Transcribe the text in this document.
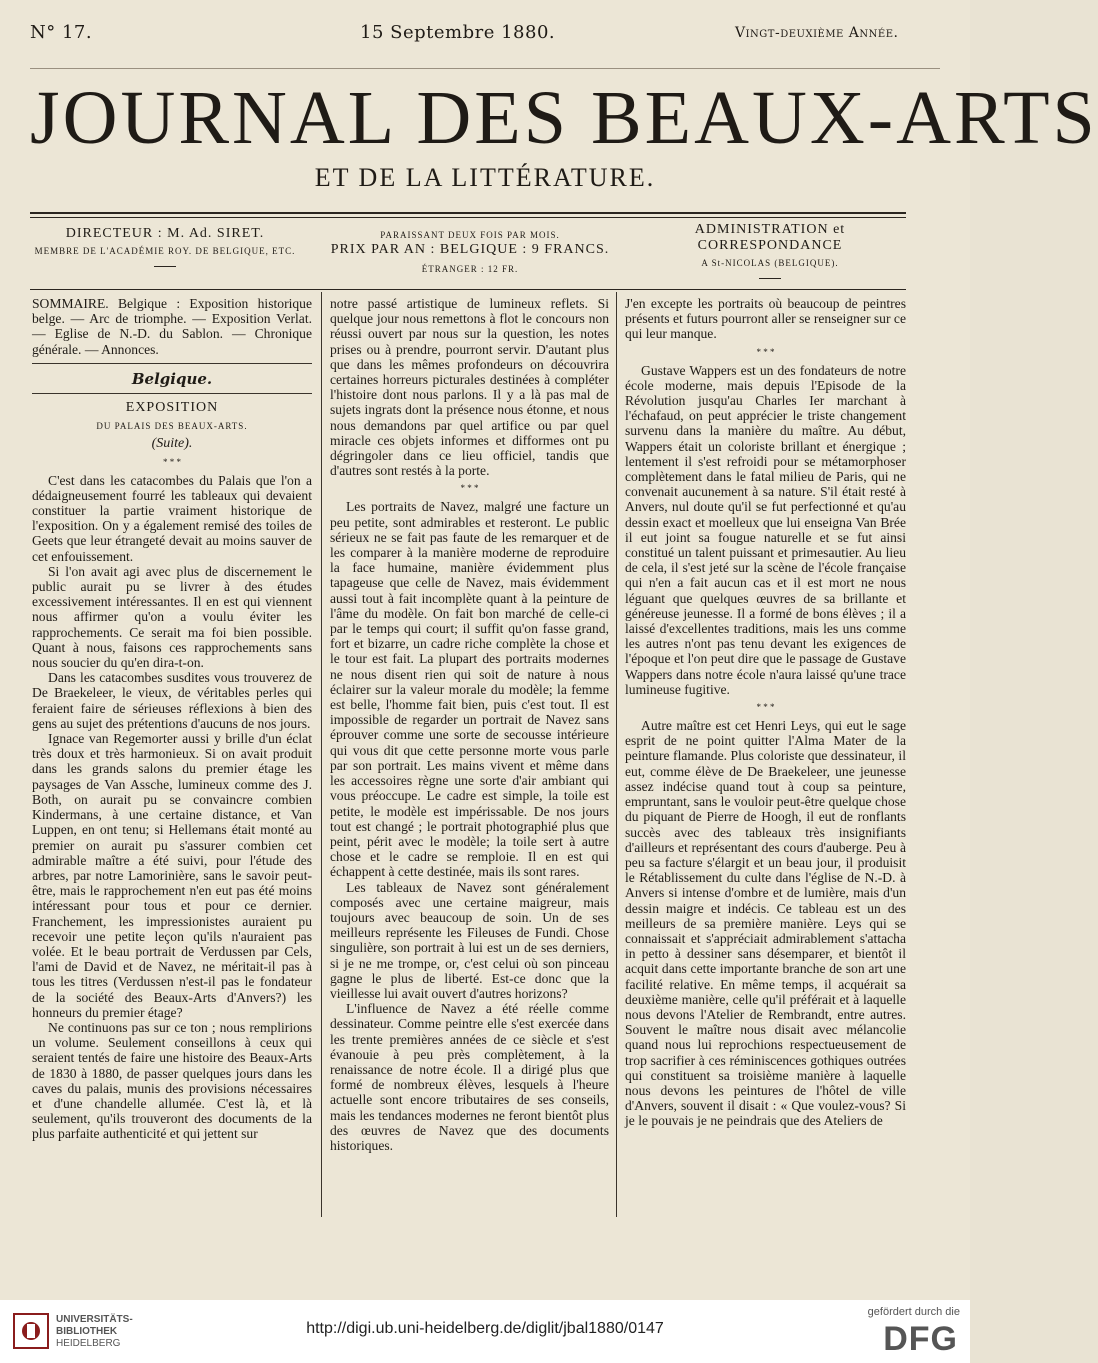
N° 17.	15 Septembre 1880.	Vingt-deuxième Année.
JOURNAL DES BEAUX-ARTS
ET DE LA LITTÉRATURE.
DIRECTEUR : M. Ad. SIRET.
MEMBRE DE L'ACADÉMIE ROY. DE BELGIQUE, ETC.
PARAISSANT DEUX FOIS PAR MOIS.
PRIX PAR AN : BELGIQUE : 9 FRANCS.
ÉTRANGER : 12 FR.
ADMINISTRATION et CORRESPONDANCE
A St-NICOLAS (BELGIQUE).

SOMMAIRE. Belgique : Exposition historique belge. — Arc de triomphe. — Exposition Verlat. — Eglise de N.-D. du Sablon. — Chronique générale. — Annonces.

Belgique.
EXPOSITION
DU PALAIS DES BEAUX-ARTS.
(Suite).
* * *

C'est dans les catacombes du Palais que l'on a dédaigneusement fourré les tableaux qui devaient constituer la partie vraiment historique de l'exposition. On y a également remisé des toiles de Geets que leur étrangeté devait au moins sauver de cet enfouissement.

Si l'on avait agi avec plus de discernement le public aurait pu se livrer à des études excessivement intéressantes. Il en est qui viennent nous affirmer qu'on a voulu éviter les rapprochements. Ce serait ma foi bien possible. Quant à nous, faisons ces rapprochements sans nous soucier du qu'en dira-t-on.

Dans les catacombes susdites vous trouverez de De Braekeleer, le vieux, de véritables perles qui feraient faire de sérieuses réflexions à bien des gens au sujet des prétentions d'aucuns de nos jours.

Ignace van Regemorter aussi y brille d'un éclat très doux et très harmonieux. Si on avait produit dans les grands salons du premier étage les paysages de Van Assche, lumineux comme des J. Both, on aurait pu se convaincre combien Kindermans, à une certaine distance, et Van Luppen, en ont tenu; si Hellemans était monté au premier on aurait pu s'assurer combien cet admirable maître a été suivi, pour l'étude des arbres, par notre Lamorinière, sans le savoir peut-être, mais le rapprochement n'en eut pas été moins intéressant pour tous et pour ce dernier. Franchement, les impressionistes auraient pu recevoir une petite leçon qu'ils n'auraient pas volée. Et le beau portrait de Verdussen par Cels, l'ami de David et de Navez, ne méritait-il pas à tous les titres (Verdussen n'est-il pas le fondateur de la société des Beaux-Arts d'Anvers?) les honneurs du premier étage?

Ne continuons pas sur ce ton ; nous remplirions un volume. Seulement conseillons à ceux qui seraient tentés de faire une histoire des Beaux-Arts de 1830 à 1880, de passer quelques jours dans les caves du palais, munis des provisions nécessaires et d'une chandelle allumée. C'est là, et là seulement, qu'ils trouveront des documents de la plus parfaite authenticité et qui jettent sur

notre passé artistique de lumineux reflets. Si quelque jour nous remettons à flot le concours non réussi ouvert par nous sur la question, les notes prises ou à prendre, pourront servir. D'autant plus que dans les mêmes profondeurs on découvrira certaines horreurs picturales destinées à compléter l'histoire dont nous parlons. Il y a là pas mal de sujets ingrats dont la présence nous étonne, et nous nous demandons par quel artifice ou par quel miracle ces objets informes et difformes ont pu dégringoler dans ce lieu officiel, tandis que d'autres sont restés à la porte.

* * *

Les portraits de Navez, malgré une facture un peu petite, sont admirables et resteront. Le public sérieux ne se fait pas faute de les remarquer et de les comparer à la manière moderne de reproduire la face humaine, manière évidemment plus tapageuse que celle de Navez, mais évidemment aussi tout à fait incomplète quant à la peinture de l'âme du modèle. On fait bon marché de celle-ci par le temps qui court; il suffit qu'on fasse grand, fort et bizarre, un cadre riche complète la chose et le tour est fait. La plupart des portraits modernes ne nous disent rien qui soit de nature à nous éclairer sur la valeur morale du modèle; la femme est belle, l'homme fait bien, puis c'est tout. Il est impossible de regarder un portrait de Navez sans éprouver comme une sorte de secousse intérieure qui vous dit que cette personne morte vous parle par son portrait. Les mains vivent et même dans les accessoires règne une sorte d'air ambiant qui vous préoccupe. Le cadre est simple, la toile est petite, le modèle est impérissable. De nos jours tout est changé ; le portrait photographié plus que peint, périt avec le modèle; la toile sert à autre chose et le cadre se remploie. Il en est qui échappent à cette destinée, mais ils sont rares.

Les tableaux de Navez sont généralement composés avec une certaine maigreur, mais toujours avec beaucoup de soin. Un de ses meilleurs représente les Fileuses de Fundi. Chose singulière, son portrait à lui est un de ses derniers, si je ne me trompe, or, c'est celui où son pinceau gagne le plus de liberté. Est-ce donc que la vieillesse lui avait ouvert d'autres horizons?

L'influence de Navez a été réelle comme dessinateur. Comme peintre elle s'est exercée dans les trente premières années de ce siècle et s'est évanouie à peu près complètement, à la renaissance de notre école. Il a dirigé plus que formé de nombreux élèves, lesquels à l'heure actuelle sont encore tributaires de ses conseils, mais les tendances modernes ne feront bientôt plus des œuvres de Navez que des documents historiques.

J'en excepte les portraits où beaucoup de peintres présents et futurs pourront aller se renseigner sur ce qui leur manque.

* * *

Gustave Wappers est un des fondateurs de notre école moderne, mais depuis l'Episode de la Révolution jusqu'au Charles Ier marchant à l'échafaud, on peut apprécier le triste changement survenu dans la manière du maître. Au début, Wappers était un coloriste brillant et énergique ; lentement il s'est refroidi pour se métamorphoser complètement dans le fatal milieu de Paris, qui ne convenait aucunement à sa nature. S'il était resté à Anvers, nul doute qu'il se fut perfectionné et qu'au dessin exact et moelleux que lui enseigna Van Brée il eut joint sa fougue naturelle et se fut ainsi constitué un talent puissant et primesautier. Au lieu de cela, il s'est jeté sur la scène de l'école française qui n'en a fait aucun cas et il est mort ne nous léguant que quelques œuvres de sa brillante et généreuse jeunesse. Il a formé de bons élèves ; il a laissé d'excellentes traditions, mais les uns comme les autres n'ont pas tenu devant les exigences de l'époque et l'on peut dire que le passage de Gustave Wappers dans notre école n'aura laissé qu'une trace lumineuse fugitive.

* * *

Autre maître est cet Henri Leys, qui eut le sage esprit de ne point quitter l'Alma Mater de la peinture flamande. Plus coloriste que dessinateur, il eut, comme élève de De Braekeleer, une jeunesse assez indécise quand tout à coup sa peinture, empruntant, sans le vouloir peut-être quelque chose du piquant de Pierre de Hoogh, il eut de ronflants succès avec des tableaux très insignifiants d'ailleurs et représentant des cours d'auberge. Peu à peu sa facture s'élargit et un beau jour, il produisit le Rétablissement du culte dans l'église de N.-D. à Anvers si intense d'ombre et de lumière, mais d'un dessin maigre et indécis. Ce tableau est un des meilleurs de sa première manière. Leys qui se connaissait et s'appréciait admirablement s'attacha in petto à dessiner sans désemparer, et bientôt il acquit dans cette importante branche de son art une facilité relative. En même temps, il acquérait sa deuxième manière, celle qu'il préférait et à laquelle nous devons l'Atelier de Rembrandt, entre autres. Souvent le maître nous disait avec mélancolie quand nous lui reprochions respectueusement de trop sacrifier à ces réminiscences gothiques outrées qui constituent sa troisième manière à laquelle nous devons les peintures de l'hôtel de ville d'Anvers, souvent il disait : « Que voulez-vous? Si je le pouvais je ne peindrais que des Ateliers de

UNIVERSITÄTS-
BIBLIOTHEK
HEIDELBERG
http://digi.ub.uni-heidelberg.de/diglit/jbal1880/0147
gefördert durch die
DFG
